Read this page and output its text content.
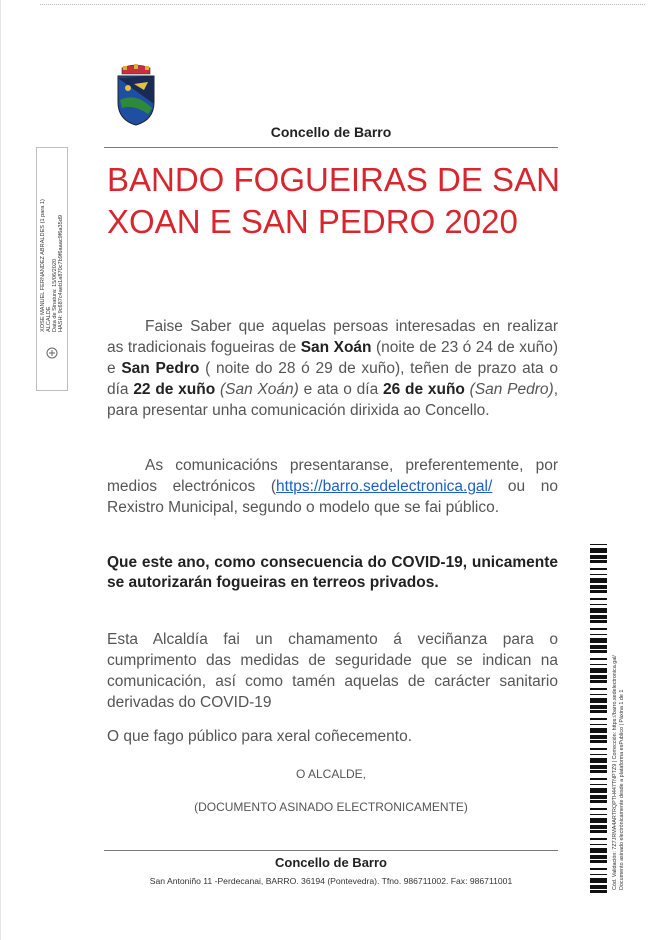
Concello de Barro
XOSE MANUEL FERNANDEZ ABRALDES (1 para 1) ALCALDE Data de Sinatura: 15/06/2020 HASH: 9c687c4aeb1a870c7b9f6aaac9f6a35d9
BANDO FOGUEIRAS DE SAN XOAN E SAN PEDRO 2020

Faise Saber que aquelas persoas interesadas en realizar as tradicionais fogueiras de San Xoán (noite de 23 ó 24 de xuño) e San Pedro ( noite do 28 ó 29 de xuño), teñen de prazo ata o día 22 de xuño (San Xoán) e ata o día 26 de xuño (San Pedro), para presentar unha comunicación dirixida ao Concello.

As comunicacións presentaranse, preferentemente, por medios electrónicos (https://barro.sedelectronica.gal/ ou no Rexistro Municipal, segundo o modelo que se fai público.

Que este ano, como consecuencia do COVID-19, unicamente se autorizarán fogueiras en terreos privados.

Esta Alcaldía fai un chamamento á veciñanza para o cumprimento das medidas de seguridade que se indican na comunicación, así como tamén aquelas de carácter sanitario derivadas do COVID-19

O que fago público para xeral coñecemento.

O ALCALDE,
(DOCUMENTO ASINADO ELECTRONICAMENTE)
Concello de Barro
San Antoniño 11 -Perdecanai, BARRO. 36194 (Pontevedra). Tfno. 986711002. Fax: 986711001	Cód. Validación: 7Z7JRMA4ARTRQPTH447TNPTZ9 | Corrección: https://barro.sedelectronica.gal/ Documento asinado electrónicamente desde a plataforma esPublico | Páxina 1 de 1
